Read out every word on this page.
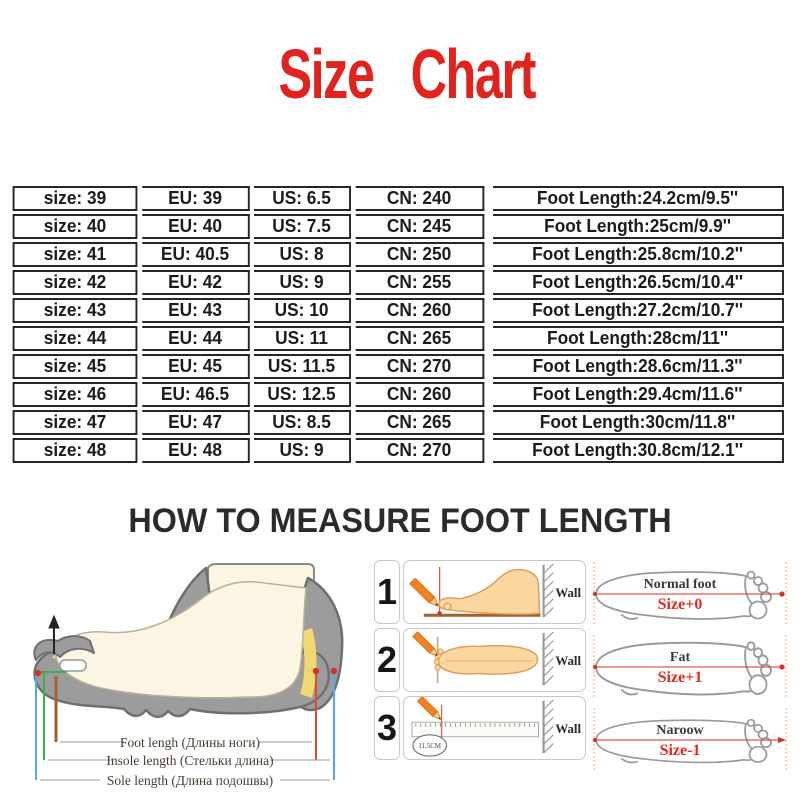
Size Chart
size: 39	EU: 39	US: 6.5	CN: 240	Foot Length:24.2cm/9.5''
size: 40	EU: 40	US: 7.5	CN: 245	Foot Length:25cm/9.9''
size: 41	EU: 40.5	US: 8	CN: 250	Foot Length:25.8cm/10.2''
size: 42	EU: 42	US: 9	CN: 255	Foot Length:26.5cm/10.4''
size: 43	EU: 43	US: 10	CN: 260	Foot Length:27.2cm/10.7''
size: 44	EU: 44	US: 11	CN: 265	Foot Length:28cm/11''
size: 45	EU: 45	US: 11.5	CN: 270	Foot Length:28.6cm/11.3''
size: 46	EU: 46.5	US: 12.5	CN: 260	Foot Length:29.4cm/11.6''
size: 47	EU: 47	US: 8.5	CN: 265	Foot Length:30cm/11.8''
size: 48	EU: 48	US: 9	CN: 270	Foot Length:30.8cm/12.1''
HOW TO MEASURE FOOT LENGTH
Foot lengh (Длины ноги)
Insole length (Стельки длина)
Sole length (Длина подошвы)
1	Wall
2	Wall
3	11.5CM
Wall
Normal foot
Size+0
Fat
Size+1
Naroow
Size-1
